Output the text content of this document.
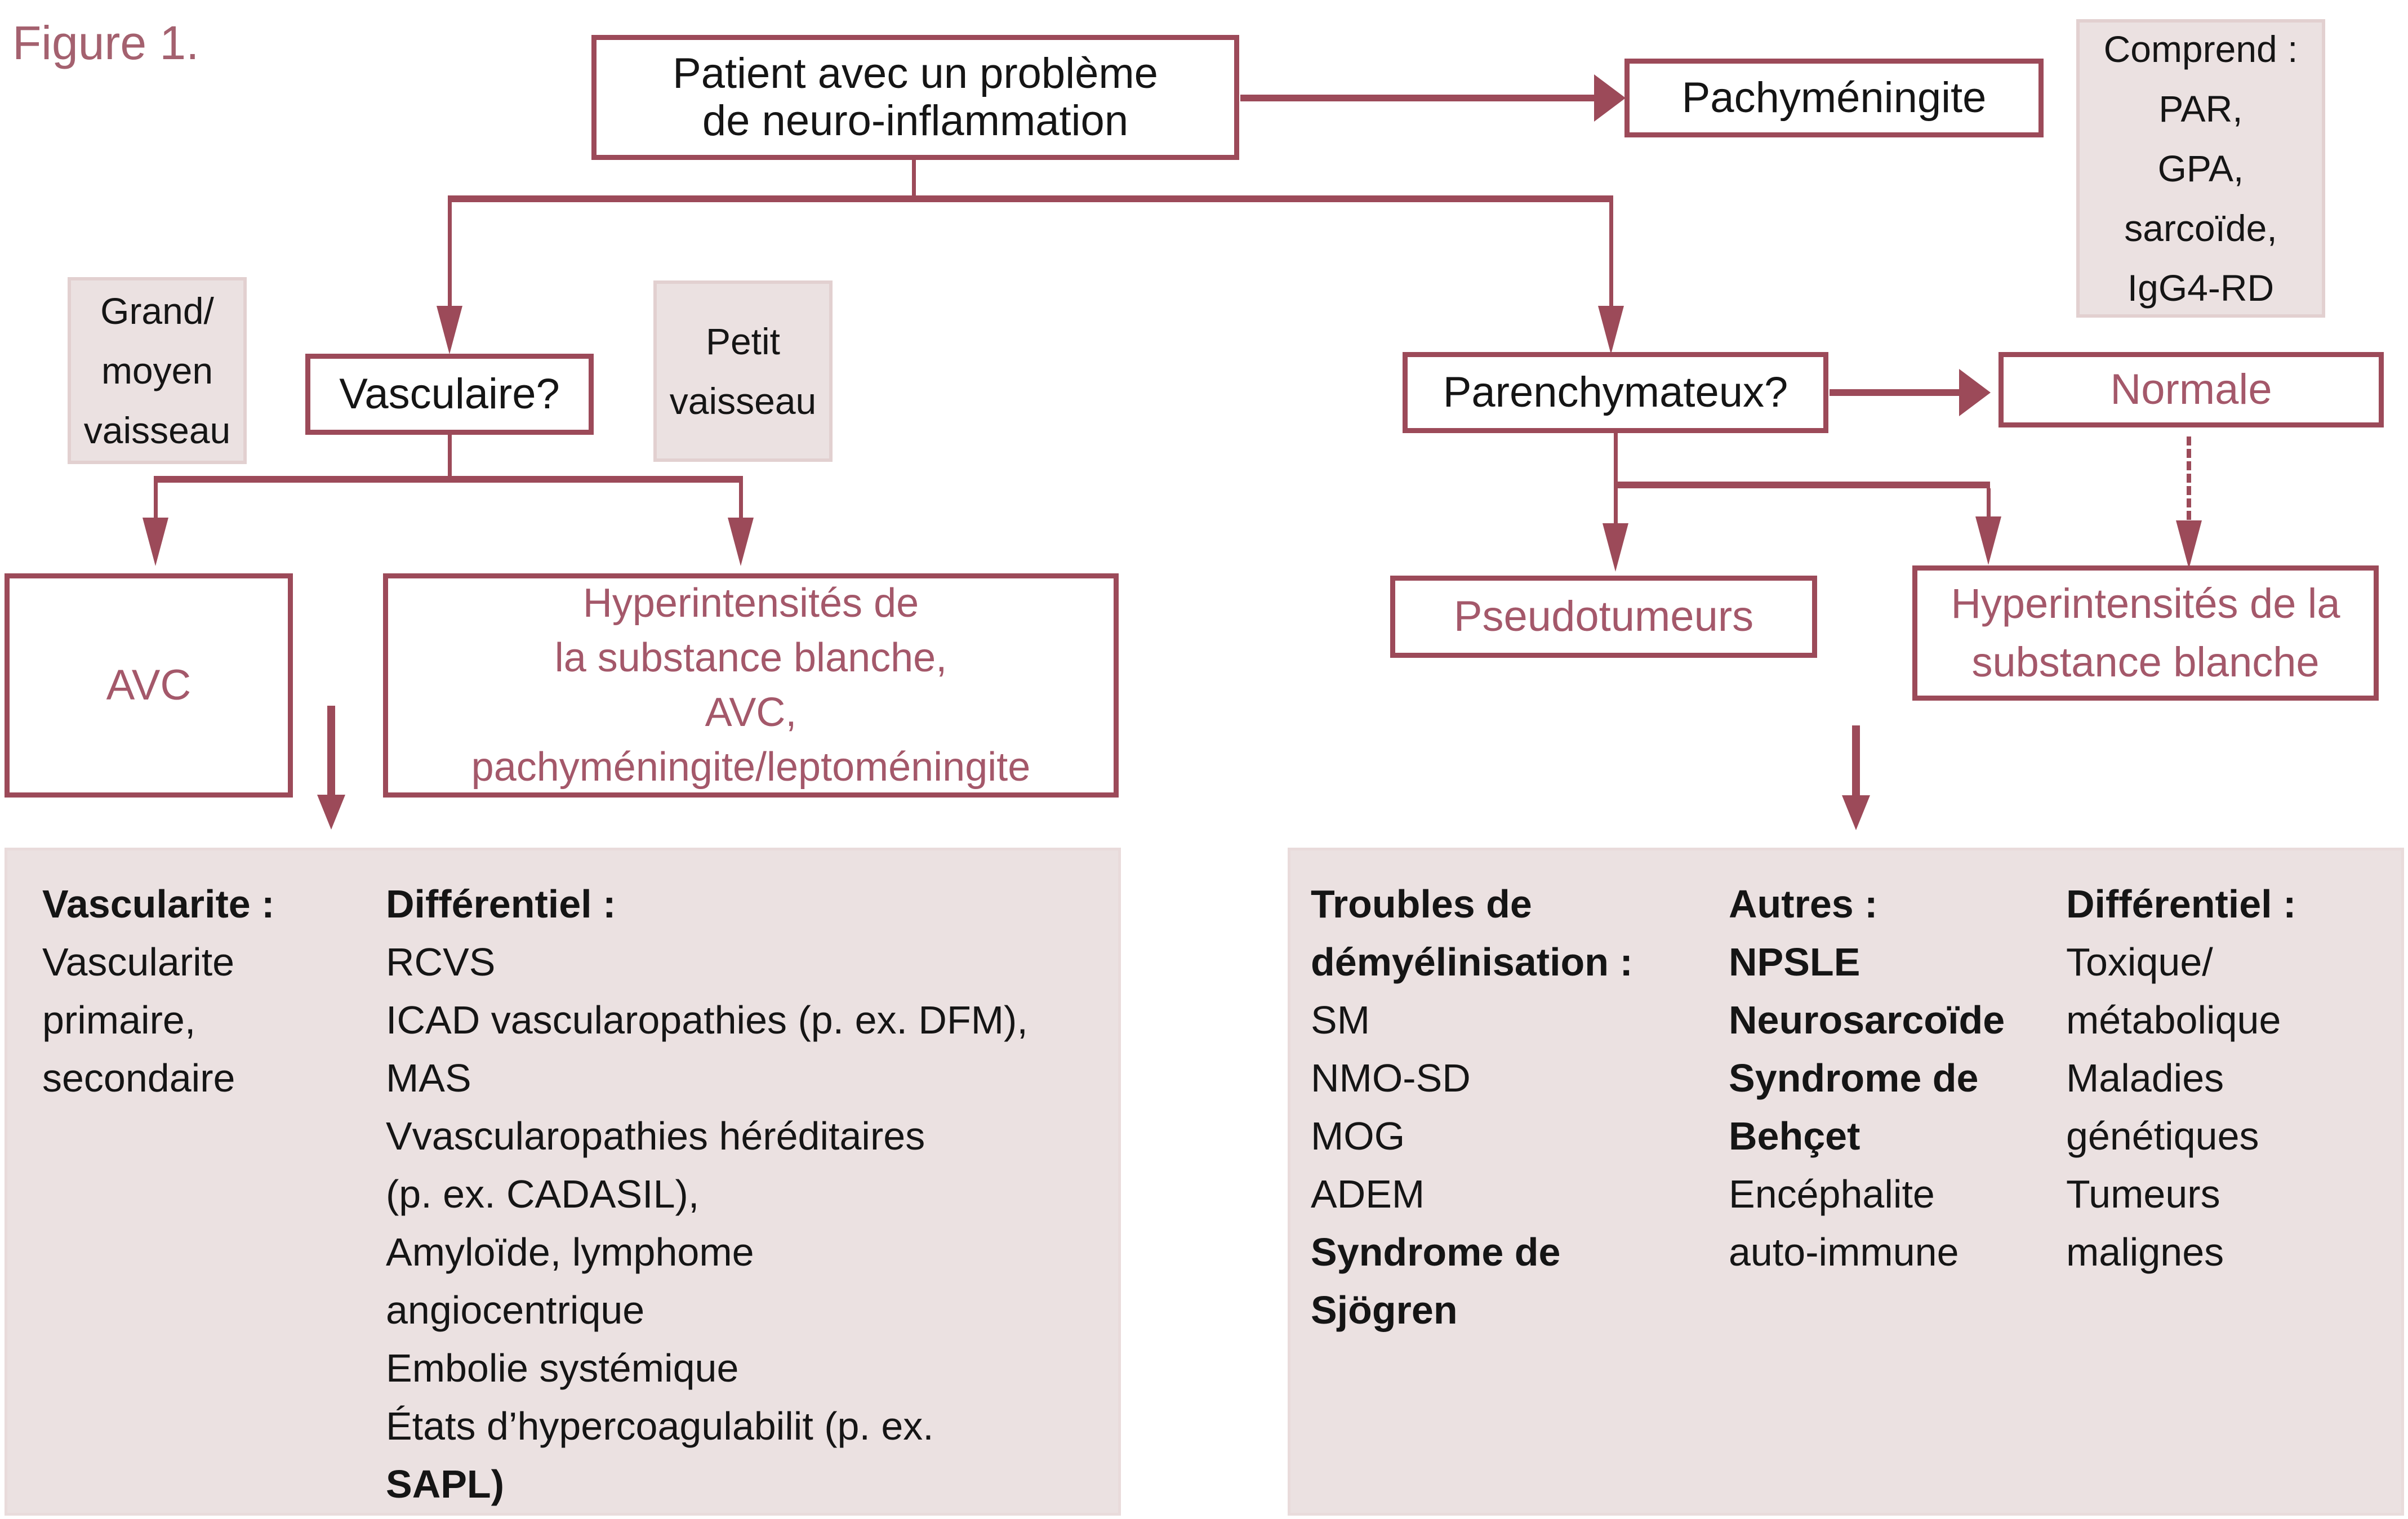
Figure 1.
Patient avec un problème
de neuro-inflammation	Pachyméningite
Comprend :
PAR,
GPA,
sarcoïde,
IgG4-RD
Grand/
moyen
vaisseau
Vasculaire?
Petit
vaisseau
AVC
Hyperintensités de
la substance blanche,
AVC,
pachyméningite/leptoméningite
Vascularite :
Vascularite
primaire,
secondaire
Différentiel :
RCVS
ICAD vascularopathies (p. ex. DFM),
MAS
Vvascularopathies héréditaires
(p. ex. CADASIL),
Amyloïde, lymphome
angiocentrique
Embolie systémique
États d’hypercoagulabilit (p. ex.
SAPL)
Parenchymateux?	Normale
Pseudotumeurs	Hyperintensités de la
substance blanche
Troubles de
démyélinisation :
SM
NMO-SD
MOG
ADEM
Syndrome de
Sjögren
Autres :
NPSLE
Neurosarcoïde
Syndrome de
Behçet
Encéphalite
auto-immune
Différentiel :
Toxique/
métabolique
Maladies
génétiques
Tumeurs
malignes
